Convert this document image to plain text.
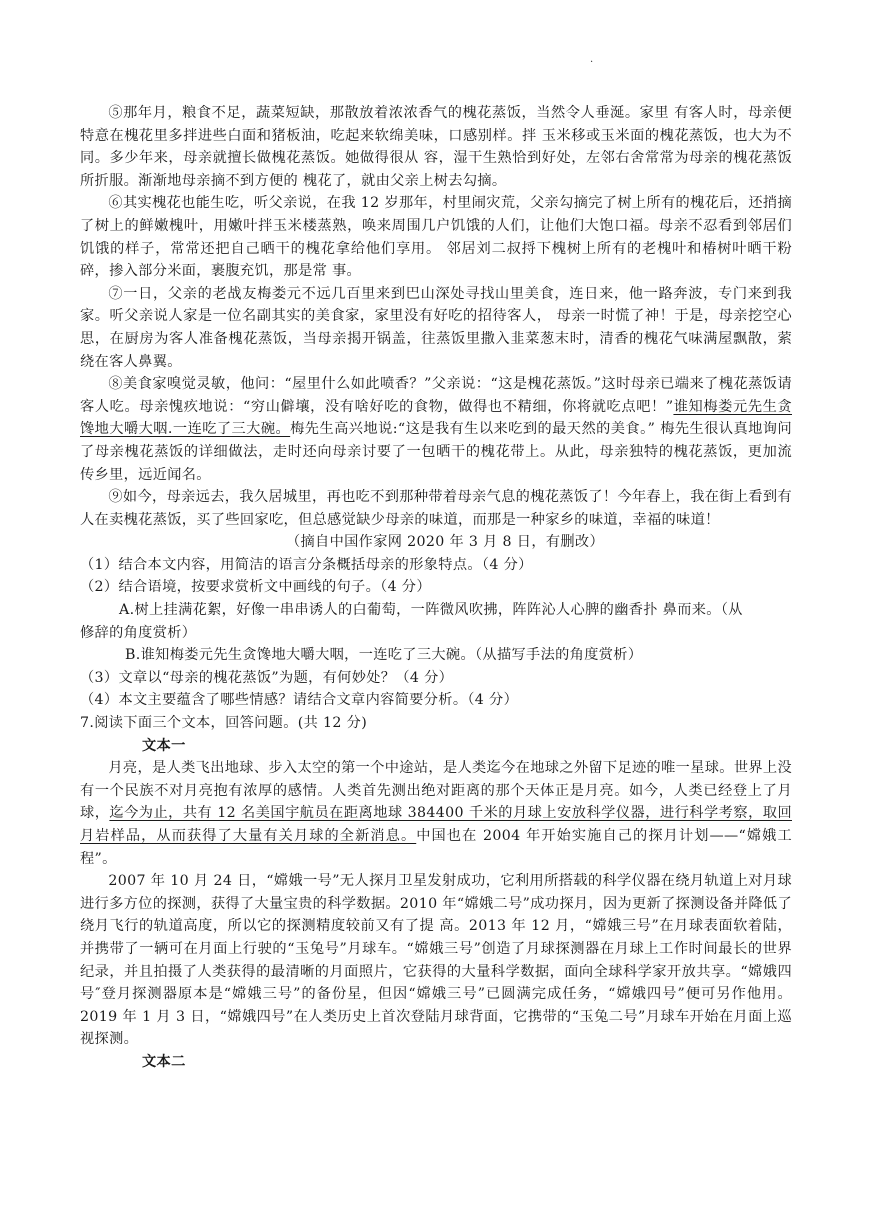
.

⑤那年月，粮食不足，蔬菜短缺，那散放着浓浓香气的槐花蒸饭，当然令人垂涎。家里 有客人时，母亲便特意在槐花里多拌进些白面和猪板油，吃起来软绵美味，口感别样。拌 玉米移或玉米面的槐花蒸饭，也大为不同。多少年来，母亲就擅长做槐花蒸饭。她做得很从 容，湿干生熟恰到好处，左邻右舍常常为母亲的槐花蒸饭所折服。渐渐地母亲摘不到方便的 槐花了，就由父亲上树去勾摘。

⑥其实槐花也能生吃，听父亲说，在我 12 岁那年，村里闹灾荒，父亲勾摘完了树上所有的槐花后，还捎摘了树上的鲜嫩槐叶，用嫩叶拌玉米楼蒸熟，唤来周围几户饥饿的人们，让他们大饱口福。母亲不忍看到邻居们饥饿的样子，常常还把自己晒干的槐花拿给他们享用。 邻居刘二叔捋下槐树上所有的老槐叶和椿树叶晒干粉碎，掺入部分米面，裹腹充饥，那是常 事。

⑦一日，父亲的老战友梅娄元不远几百里来到巴山深处寻找山里美食，连日来，他一路奔波，专门来到我家。听父亲说人家是一位名副其实的美食家，家里没有好吃的招待客人， 母亲一时慌了神！于是，母亲挖空心思，在厨房为客人准备槐花蒸饭，当母亲揭开锅盖，往蒸饭里撒入韭菜葱末时，清香的槐花气味满屋飘散，萦绕在客人鼻翼。

⑧美食家嗅觉灵敏，他问：“屋里什么如此喷香？”父亲说：“这是槐花蒸饭。”这时母亲已端来了槐花蒸饭请客人吃。母亲愧疚地说：“穷山僻壤，没有啥好吃的食物，做得也不精细，你将就吃点吧！”谁知梅娄元先生贪馋地大嚼大咽.一连吃了三大碗。梅先生高兴地说:“这是我有生以来吃到的最天然的美食。” 梅先生很认真地询问了母亲槐花蒸饭的详细做法，走时还向母亲讨要了一包晒干的槐花带上。从此，母亲独特的槐花蒸饭，更加流传乡里，远近闻名。

⑨如今，母亲远去，我久居城里，再也吃不到那种带着母亲气息的槐花蒸饭了！今年春上，我在街上看到有人在卖槐花蒸饭，买了些回家吃，但总感觉缺少母亲的味道，而那是一种家乡的味道，幸福的味道！

（摘自中国作家网 2020 年 3 月 8 日，有删改）

（1）结合本文内容，用简洁的语言分条概括母亲的形象特点。（4 分）

（2）结合语境，按要求赏析文中画线的句子。（4 分）

A.树上挂满花絮，好像一串串诱人的白葡萄，一阵微风吹拂，阵阵沁人心脾的幽香扑 鼻而来。（从

修辞的角度赏析）

B.谁知梅娄元先生贪馋地大嚼大咽，一连吃了三大碗。（从描写手法的角度赏析）

（3）文章以“母亲的槐花蒸饭”为题，有何妙处？（4 分）

（4）本文主要蕴含了哪些情感？请结合文章内容简要分析。（4 分）

7.阅读下面三个文本，回答问题。(共 12 分)

文本一

月亮，是人类飞出地球、步入太空的第一个中途站，是人类迄今在地球之外留下足迹的唯一星球。世界上没有一个民族不对月亮抱有浓厚的感情。人类首先测出绝对距离的那个天体正是月亮。如今，人类已经登上了月球，迄今为止，共有 12 名美国宇航员在距离地球 384400 千米的月球上安放科学仪器，进行科学考察，取回月岩样品，从而获得了大量有关月球的全新消息。中国也在 2004 年开始实施自己的探月计划——“嫦娥工程”。

2007 年 10 月 24 日，“嫦娥一号”无人探月卫星发射成功，它利用所搭载的科学仪器在绕月轨道上对月球进行多方位的探测，获得了大量宝贵的科学数据。2010 年“嫦娥二号”成功探月，因为更新了探测设备并降低了绕月飞行的轨道高度，所以它的探测精度较前又有了提 高。2013 年 12 月，“嫦娥三号”在月球表面软着陆，并携带了一辆可在月面上行驶的“玉兔号”月球车。“嫦娥三号”创造了月球探测器在月球上工作时间最长的世界纪录，并且拍摄了人类获得的最清晰的月面照片，它获得的大量科学数据，面向全球科学家开放共享。“嫦娥四号″登月探测器原本是“嫦娥三号”的备份星，但因“嫦娥三号”已圆满完成任务，“嫦娥四号”便可另作他用。2019 年 1 月 3 日，“嫦娥四号”在人类历史上首次登陆月球背面，它携带的“玉兔二号”月球车开始在月面上巡视探测。

文本二
